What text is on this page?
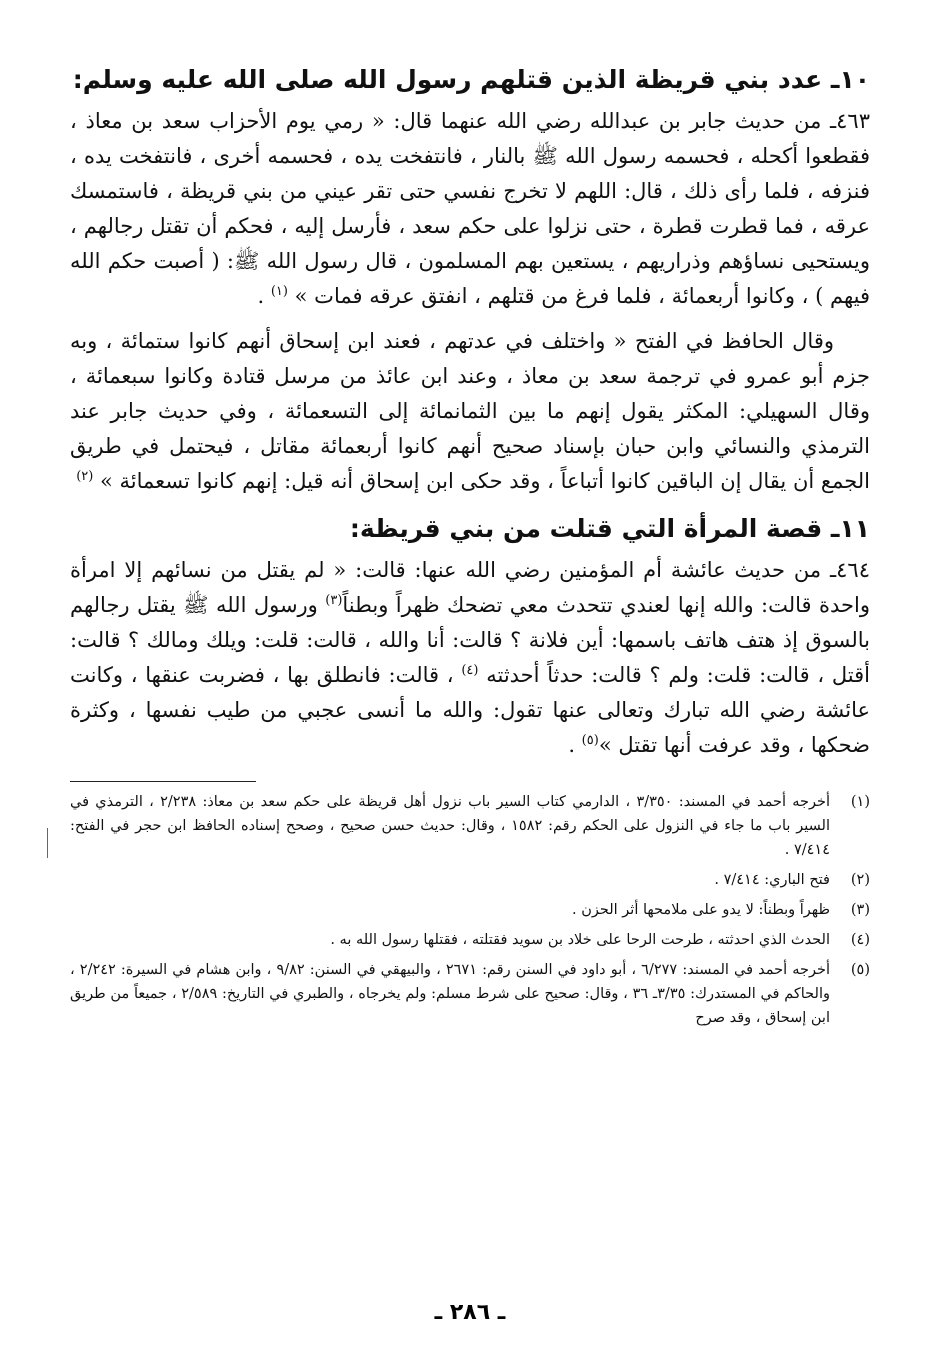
١٠ـ عدد بني قريظة الذين قتلهم رسول الله صلى الله عليه وسلم:

٤٦٣ـ من حديث جابر بن عبدالله رضي الله عنهما قال: « رمي يوم الأحزاب سعد بن معاذ ، فقطعوا أكحله ، فحسمه رسول الله ﷺ بالنار ، فانتفخت يده ، فحسمه أخرى ، فانتفخت يده ، فنزفه ، فلما رأى ذلك ، قال: اللهم لا تخرج نفسي حتى تقر عيني من بني قريظة ، فاستمسك عرقه ، فما قطرت قطرة ، حتى نزلوا على حكم سعد ، فأرسل إليه ، فحكم أن تقتل رجالهم ، ويستحيى نساؤهم وذراريهم ، يستعين بهم المسلمون ، قال رسول الله ﷺ: ( أصبت حكم الله فيهم ) ، وكانوا أربعمائة ، فلما فرغ من قتلهم ، انفتق عرقه فمات » $^{(١)}$ .

وقال الحافظ في الفتح « واختلف في عدتهم ، فعند ابن إسحاق أنهم كانوا ستمائة ، وبه جزم أبو عمرو في ترجمة سعد بن معاذ ، وعند ابن عائذ من مرسل قتادة وكانوا سبعمائة ، وقال السهيلي: المكثر يقول إنهم ما بين الثمانمائة إلى التسعمائة ، وفي حديث جابر عند الترمذي والنسائي وابن حبان بإسناد صحيح أنهم كانوا أربعمائة مقاتل ، فيحتمل في طريق الجمع أن يقال إن الباقين كانوا أتباعاً ، وقد حكى ابن إسحاق أنه قيل: إنهم كانوا تسعمائة » $^{(٢)}$

١١ـ قصة المرأة التي قتلت من بني قريظة:

٤٦٤ـ من حديث عائشة أم المؤمنين رضي الله عنها: قالت: « لم يقتل من نسائهم إلا امرأة واحدة قالت: والله إنها لعندي تتحدث معي تضحك ظهراً وبطناً$^{(٣)}$ ورسول الله ﷺ يقتل رجالهم بالسوق إذ هتف هاتف باسمها: أين فلانة ؟ قالت: أنا والله ، قالت: قلت: ويلك ومالك ؟ قالت: أقتل ، قالت: قلت: ولم ؟ قالت: حدثاً أحدثته $^{(٤)}$ ، قالت: فانطلق بها ، فضربت عنقها ، وكانت عائشة رضي الله تبارك وتعالى عنها تقول: والله ما أنسى عجبي من طيب نفسها ، وكثرة ضحكها ، وقد عرفت أنها تقتل »$^{(٥)}$ .

(١)
أخرجه أحمد في المسند: ٣/٣٥٠ ، الدارمي كتاب السير باب نزول أهل قريظة على حكم سعد بن معاذ: ٢/٢٣٨ ، الترمذي في السير باب ما جاء في النزول على الحكم رقم: ١٥٨٢ ، وقال: حديث حسن صحيح ، وصحح إسناده الحافظ ابن حجر في الفتح: ٧/٤١٤ .
(٢)
فتح الباري: ٧/٤١٤ .
(٣)
ظهراً وبطناً: لا يدو على ملامحها أثر الحزن .
(٤)
الحدث الذي احدثته ، طرحت الرحا على خلاد بن سويد فقتلته ، فقتلها رسول الله به .
(٥)
أخرجه أحمد في المسند: ٦/٢٧٧ ، أبو داود في السنن رقم: ٢٦٧١ ، والبيهقي في السنن: ٩/٨٢ ، وابن هشام في السيرة: ٢/٢٤٢ ، والحاكم في المستدرك: ٣/٣٥ـ ٣٦ ، وقال: صحيح على شرط مسلم: ولم يخرجاه ، والطبري في التاريخ: ٢/٥٨٩ ، جميعاً من طريق ابن إسحاق ، وقد صرح
ـ ٢٨٦ ـ
